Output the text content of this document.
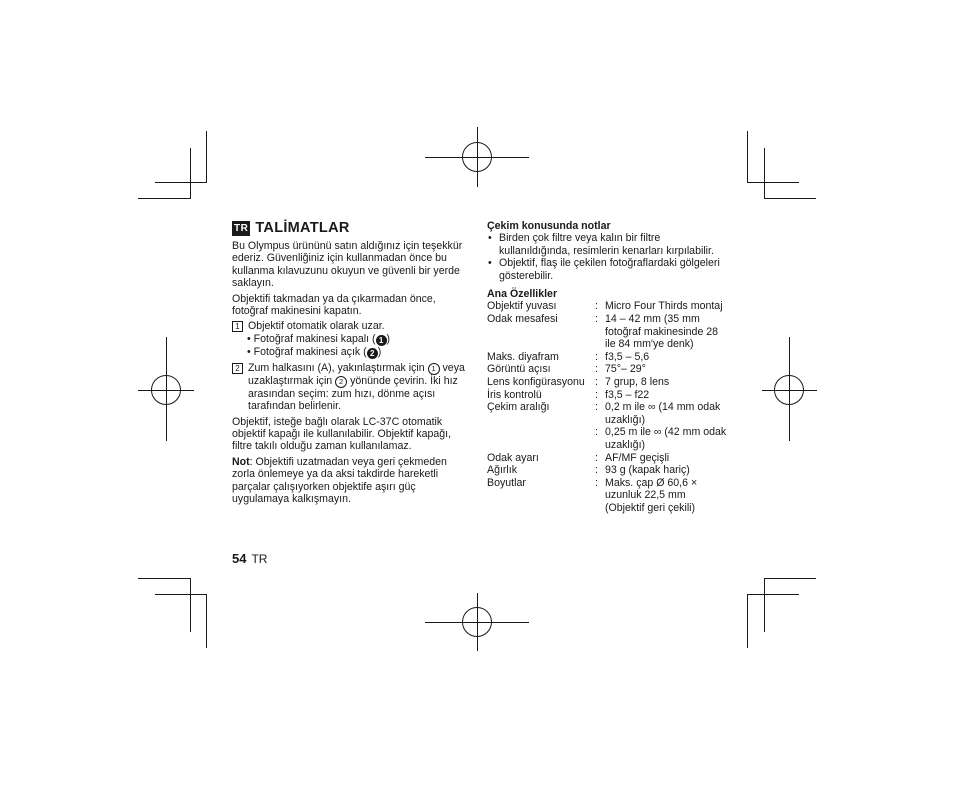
TR TALİMATLAR

Bu Olympus ürününü satın aldığınız için teşekkür ederiz. Güvenliğiniz için kullanmadan önce bu kullanma kılavuzunu okuyun ve güvenli bir yerde saklayın.

Objektifi takmadan ya da çıkarmadan önce, fotoğraf makinesini kapatın.

1 Objektif otomatik olarak uzar.
• Fotoğraf makinesi kapalı ( 1 )
• Fotoğraf makinesi açık ( 2 )
2 Zum halkasını (A), yakınlaştırmak için 1 veya uzaklaştırmak için 2 yönünde çevirin. İki hız arasından seçim: zum hızı, dönme açısı tarafından belirlenir.

Objektif, isteğe bağlı olarak LC-37C otomatik objektif kapağı ile kullanılabilir. Objektif kapağı, filtre takılı olduğu zaman kullanılamaz.

Not: Objektifi uzatmadan veya geri çekmeden zorla önlemeye ya da aksi takdirde hareketli parçalar çalışıyorken objektife aşırı güç uygulamaya kalkışmayın.

Çekim konusunda notlar
• Birden çok filtre veya kalın bir filtre kullanıldığında, resimlerin kenarları kırpılabilir.
• Objektif, flaş ile çekilen fotoğraflardaki gölgeleri gösterebilir.
Ana Özellikler
Objektif yuvası	:	Micro Four Thirds montaj
Odak mesafesi	:	14 – 42 mm (35 mm fotoğraf makinesinde 28 ile 84 mm'ye denk)
Maks. diyafram	:	f3,5 – 5,6
Görüntü açısı	:	75°– 29°
Lens konfigürasyonu	:	7 grup, 8 lens
İris kontrolü	:	f3,5 – f22
Çekim aralığı	:	0,2 m ile ∞ (14 mm odak uzaklığı)
	:	0,25 m ile ∞ (42 mm odak uzaklığı)
Odak ayarı	:	AF/MF geçişli
Ağırlık	:	93 g (kapak hariç)
Boyutlar	:	Maks. çap Ø 60,6 × uzunluk 22,5 mm (Objektif geri çekili)
54 TR
